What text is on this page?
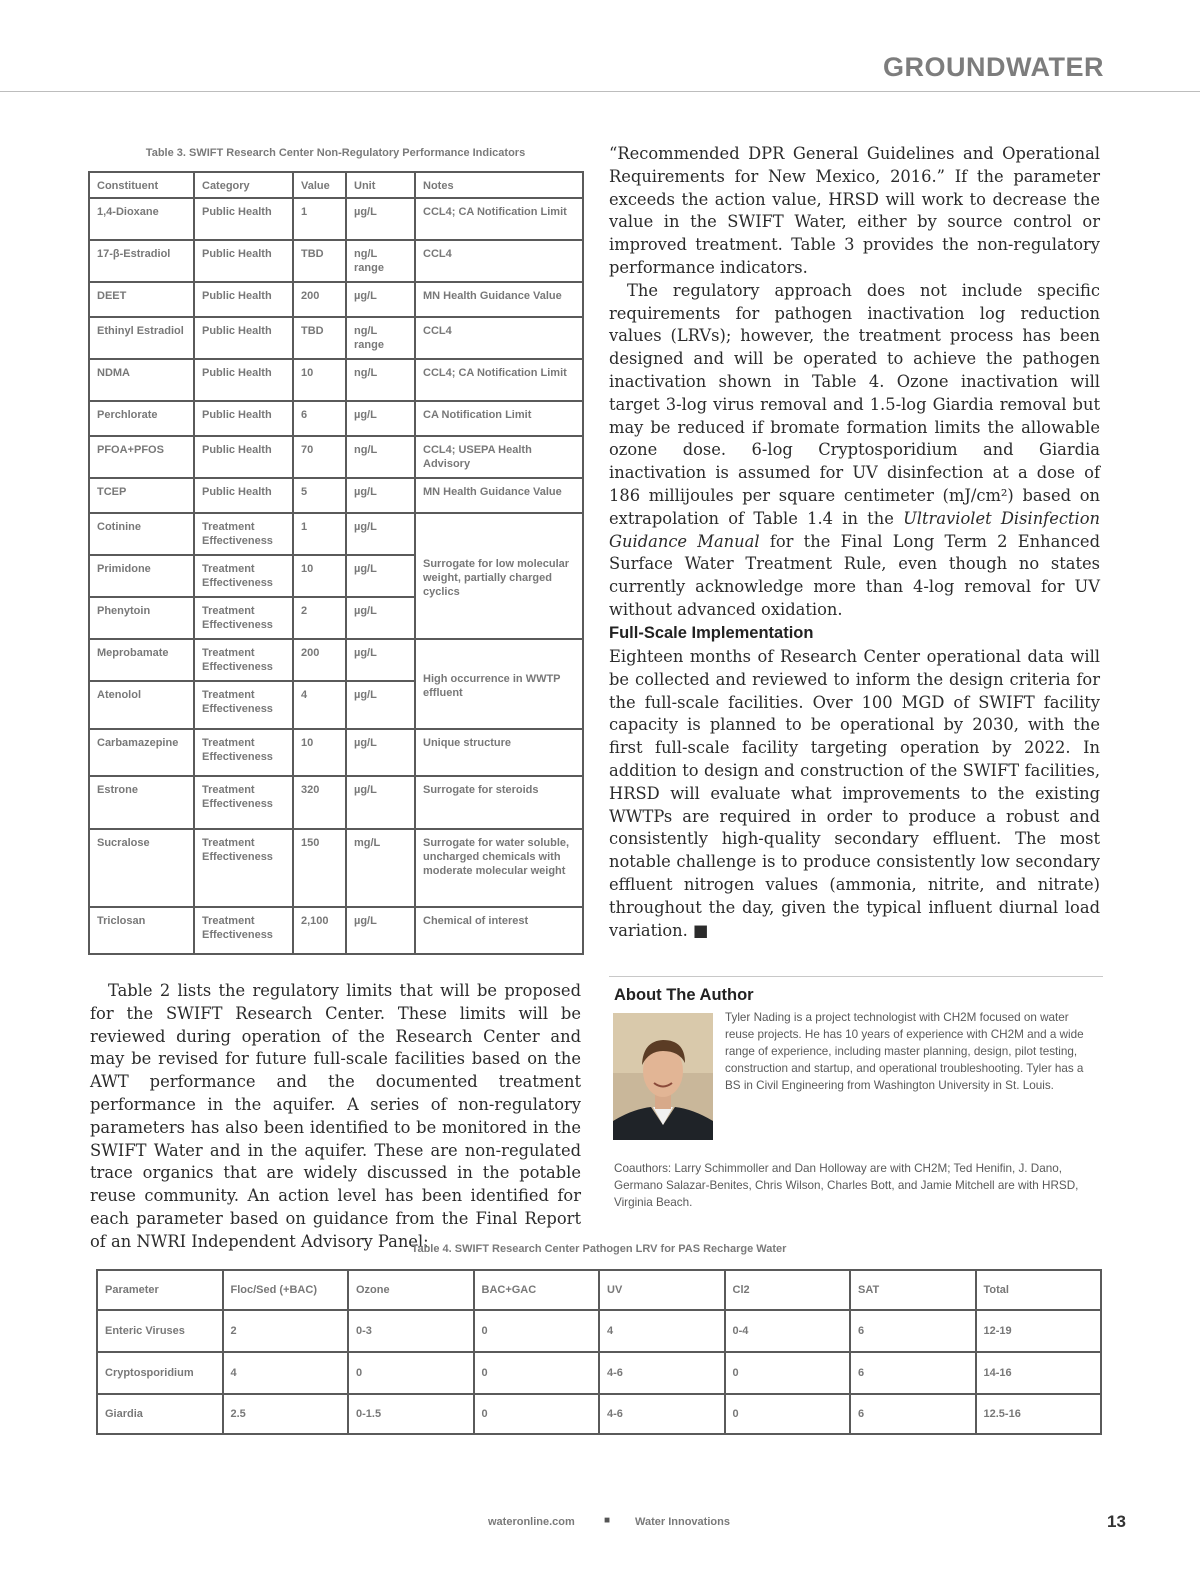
GROUNDWATER
Table 3. SWIFT Research Center Non-Regulatory Performance Indicators
Constituent	Category	Value	Unit	Notes
1,4-Dioxane	Public Health	1	µg/L	CCL4; CA Notification Limit
17-β-Estradiol	Public Health	TBD	ng/L range	CCL4
DEET	Public Health	200	µg/L	MN Health Guidance Value
Ethinyl Estradiol	Public Health	TBD	ng/L range	CCL4
NDMA	Public Health	10	ng/L	CCL4; CA Notification Limit
Perchlorate	Public Health	6	µg/L	CA Notification Limit
PFOA+PFOS	Public Health	70	ng/L	CCL4; USEPA Health Advisory
TCEP	Public Health	5	µg/L	MN Health Guidance Value
Cotinine	Treatment Effectiveness	1	µg/L	Surrogate for low molecular weight, partially charged cyclics
Primidone	Treatment Effectiveness	10	µg/L	
Phenytoin	Treatment Effectiveness	2	µg/L	
Meprobamate	Treatment Effectiveness	200	µg/L	High occurrence in WWTP effluent
Atenolol	Treatment Effectiveness	4	µg/L	
Carbamazepine	Treatment Effectiveness	10	µg/L	Unique structure
Estrone	Treatment Effectiveness	320	µg/L	Surrogate for steroids
Sucralose	Treatment Effectiveness	150	mg/L	Surrogate for water soluble, uncharged chemicals with moderate molecular weight
Triclosan	Treatment Effectiveness	2,100	µg/L	Chemical of interest

“Recommended DPR General Guidelines and Operational Requirements for New Mexico, 2016.” If the parameter exceeds the action value, HRSD will work to decrease the value in the SWIFT Water, either by source control or improved treatment. Table 3 provides the non-regulatory performance indicators.

The regulatory approach does not include specific requirements for pathogen inactivation log reduction values (LRVs); however, the treatment process has been designed and will be operated to achieve the pathogen inactivation shown in Table 4. Ozone inactivation will target 3-log virus removal and 1.5-log Giardia removal but may be reduced if bromate formation limits the allowable ozone dose. 6-log Cryptosporidium and Giardia inactivation is assumed for UV disinfection at a dose of 186 millijoules per square centimeter (mJ/cm²) based on extrapolation of Table 1.4 in the Ultraviolet Disinfection Guidance Manual for the Final Long Term 2 Enhanced Surface Water Treatment Rule, even though no states currently acknowledge more than 4-log removal for UV without advanced oxidation.

Full-Scale Implementation

Eighteen months of Research Center operational data will be collected and reviewed to inform the design criteria for the full-scale facilities. Over 100 MGD of SWIFT facility capacity is planned to be operational by 2030, with the first full-scale facility targeting operation by 2022. In addition to design and construction of the SWIFT facilities, HRSD will evaluate what improvements to the existing WWTPs are required in order to produce a robust and consistently high-quality secondary effluent. The most notable challenge is to produce consistently low secondary effluent nitrogen values (ammonia, nitrite, and nitrate) throughout the day, given the typical influent diurnal load variation. ■

Table 2 lists the regulatory limits that will be proposed for the SWIFT Research Center. These limits will be reviewed during operation of the Research Center and may be revised for future full-scale facilities based on the AWT performance and the documented treatment performance in the aquifer. A series of non-regulatory parameters has also been identified to be monitored in the SWIFT Water and in the aquifer. These are non-regulated trace organics that are widely discussed in the potable reuse community. An action level has been identified for each parameter based on guidance from the Final Report of an NWRI Independent Advisory Panel:

About The Author
Tyler Nading is a project technologist with CH2M focused on water reuse projects. He has 10 years of experience with CH2M and a wide range of experience, including master planning, design, pilot testing, construction and startup, and operational troubleshooting. Tyler has a BS in Civil Engineering from Washington University in St. Louis.
Coauthors: Larry Schimmoller and Dan Holloway are with CH2M; Ted Henifin, J. Dano, Germano Salazar-Benites, Chris Wilson, Charles Bott, and Jamie Mitchell are with HRSD, Virginia Beach.
Table 4. SWIFT Research Center Pathogen LRV for PAS Recharge Water
Parameter	Floc/Sed (+BAC)	Ozone	BAC+GAC	UV	Cl2	SAT	Total
Enteric Viruses	2	0-3	0	4	0-4	6	12-19
Cryptosporidium	4	0	0	4-6	0	6	14-16
Giardia	2.5	0-1.5	0	4-6	0	6	12.5-16
wateronline.com	■ Water Innovations	13
